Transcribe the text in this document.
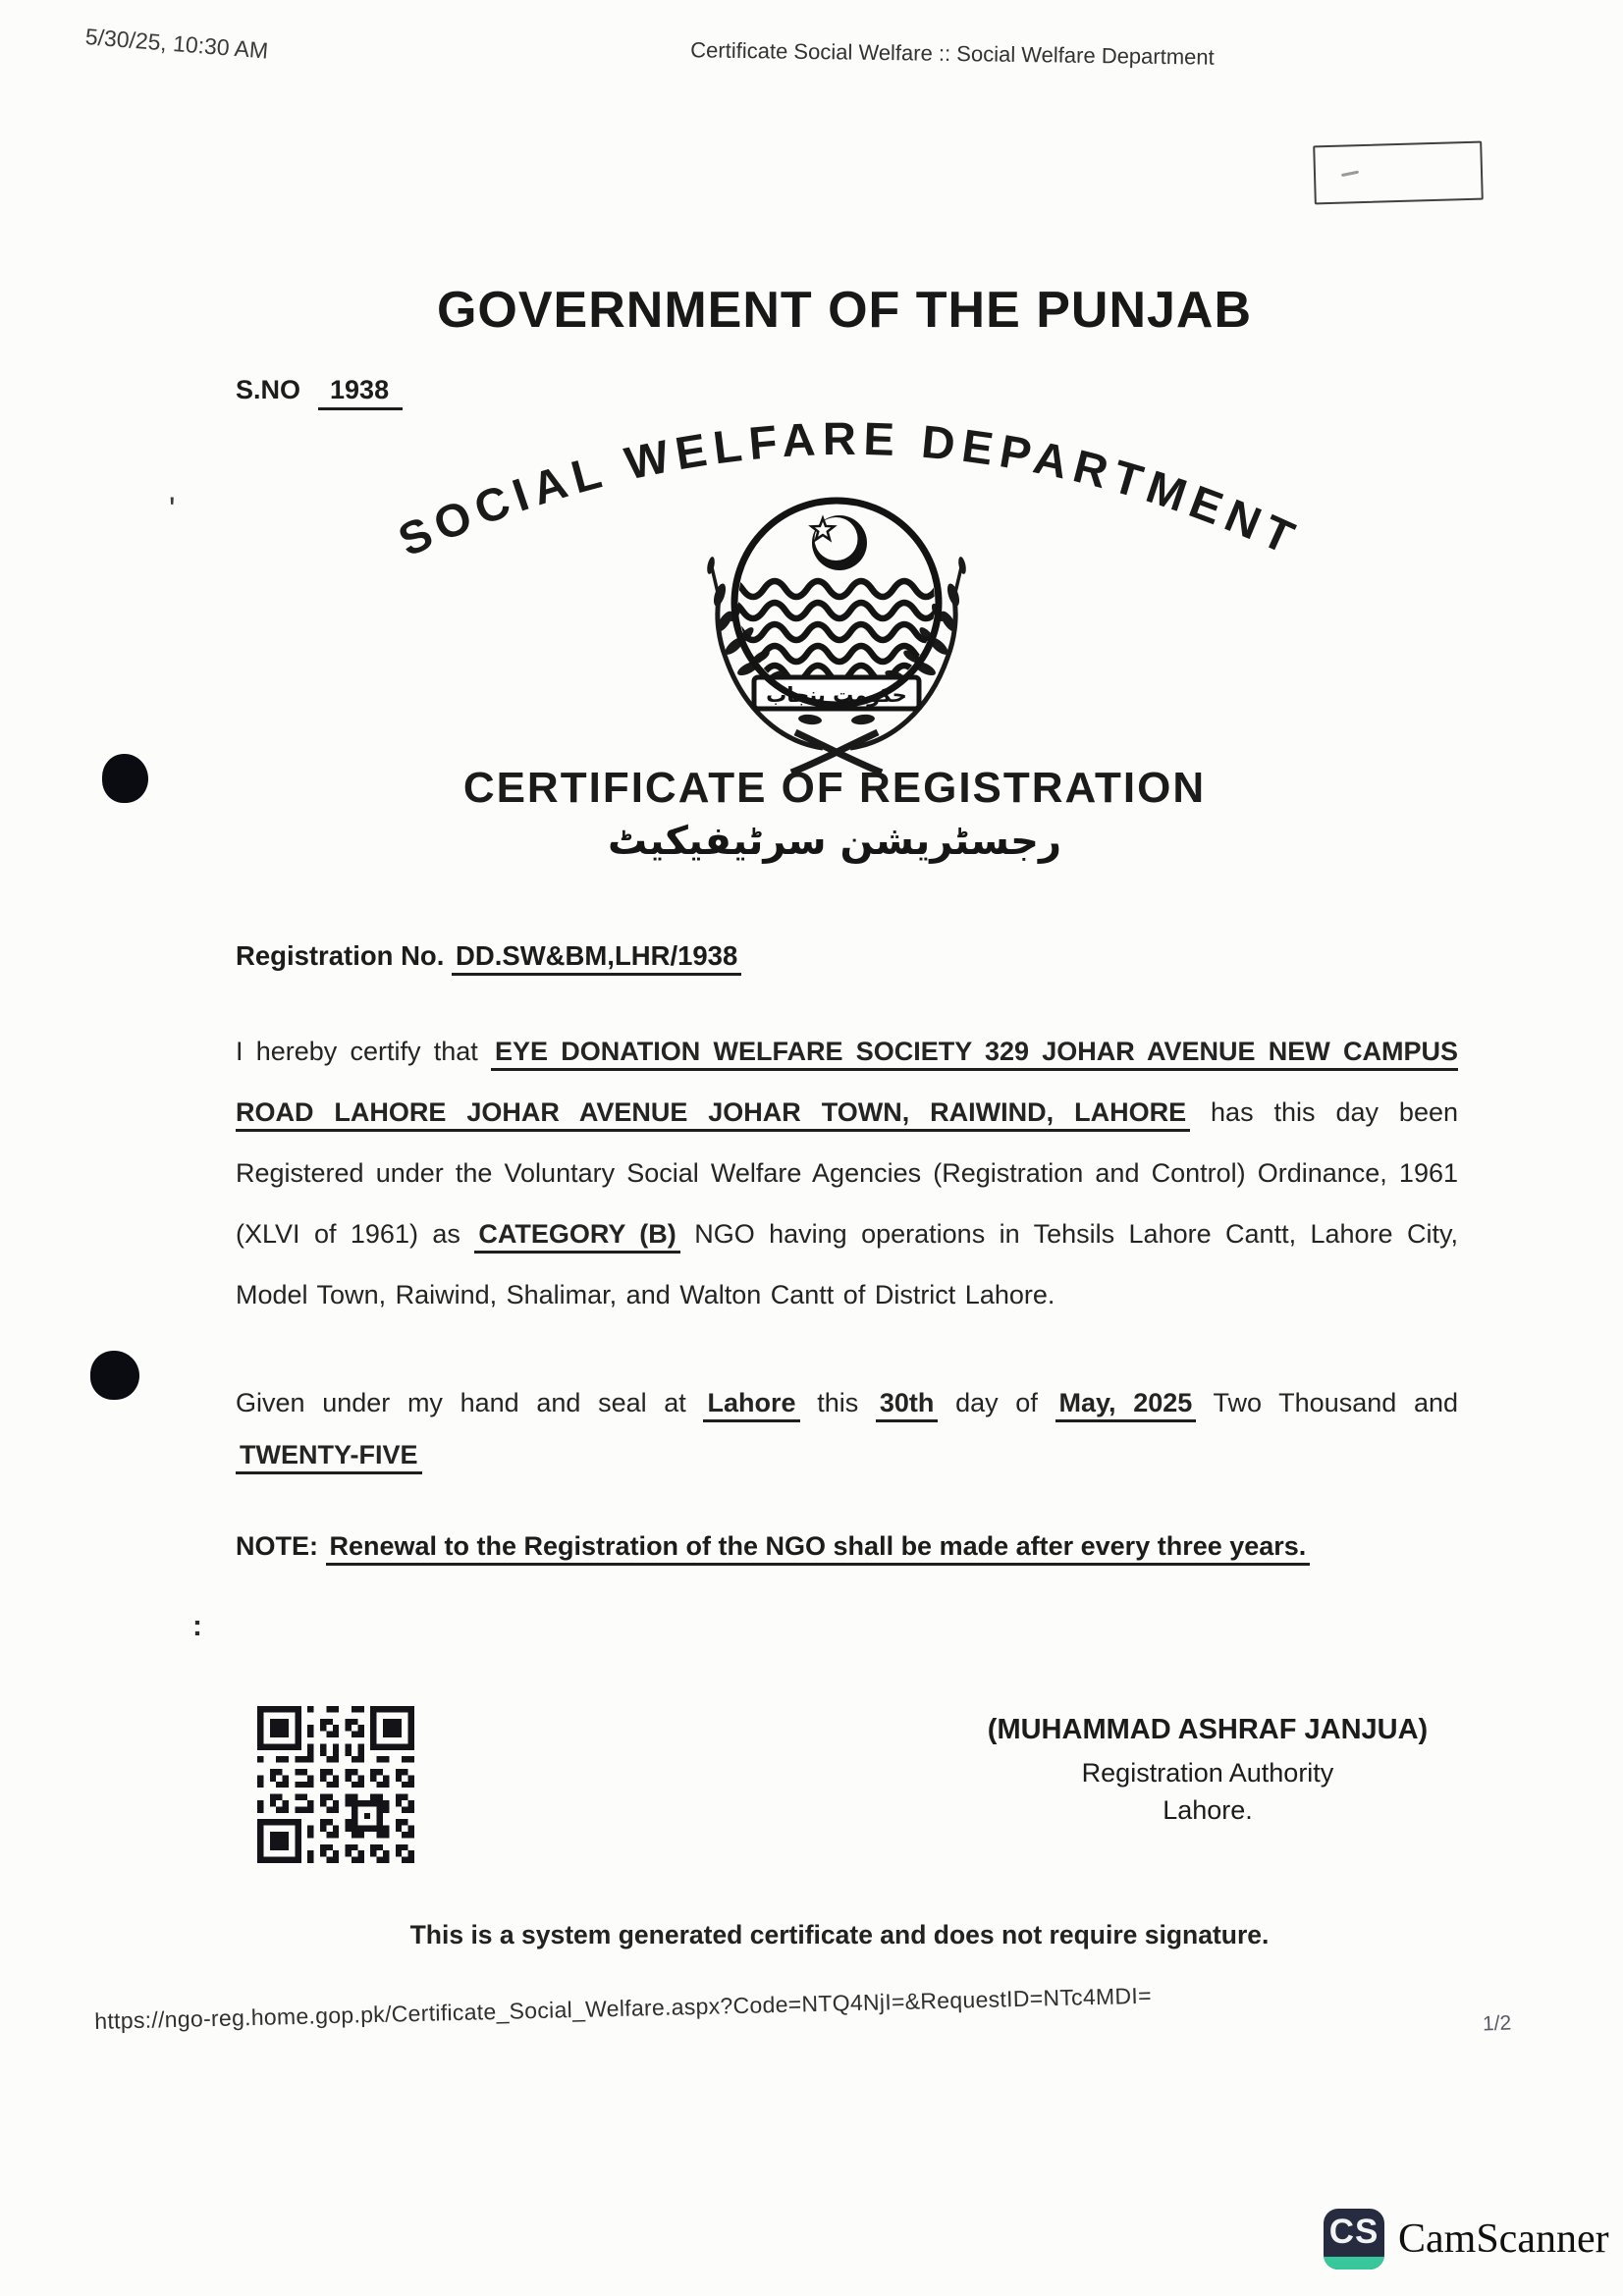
5/30/25, 10:30 AM	Certificate Social Welfare :: Social Welfare Department
GOVERNMENT OF THE PUNJAB
S.NO 1938
SOCIAL WELFARE DEPARTMENT
حکومت پنجاب
CERTIFICATE OF REGISTRATION
رجسٹریشن سرٹیفیکیٹ
Registration No. DD.SW&BM,LHR/1938

I hereby certify that EYE DONATION WELFARE SOCIETY 329 JOHAR AVENUE NEW CAMPUS ROAD LAHORE JOHAR AVENUE JOHAR TOWN, RAIWIND, LAHORE has this day been Registered under the Voluntary Social Welfare Agencies (Registration and Control) Ordinance, 1961 (XLVI of 1961) as CATEGORY (B) NGO having operations in Tehsils Lahore Cantt, Lahore City, Model Town, Raiwind, Shalimar, and Walton Cantt of District Lahore.

Given under my hand and seal at Lahore this 30th day of May, 2025 Two Thousand and TWENTY-FIVE

NOTE: Renewal to the Registration of the NGO shall be made after every three years.

'
:
(MUHAMMAD ASHRAF JANJUA)
Registration Authority
Lahore.
This is a system generated certificate and does not require signature.
https://ngo-reg.home.gop.pk/Certificate_Social_Welfare.aspx?Code=NTQ4NjI=&RequestID=NTc4MDI=	1/2
CS CamScanner
